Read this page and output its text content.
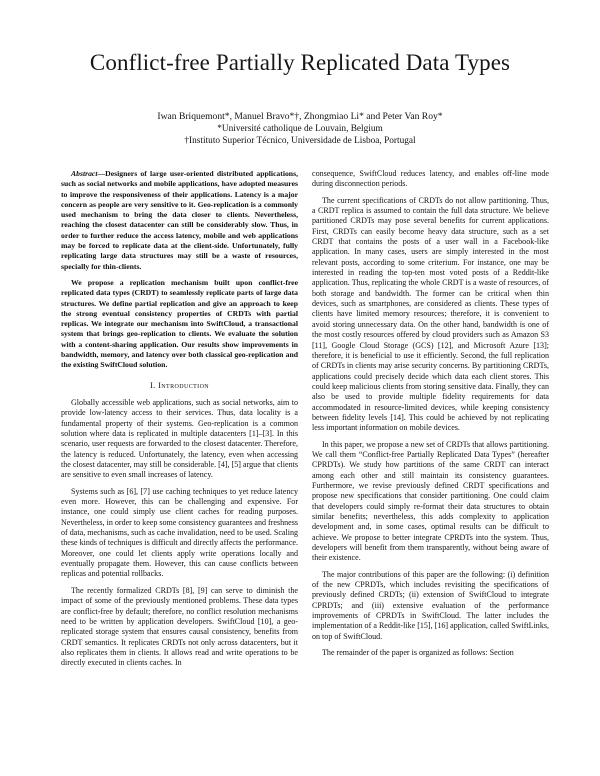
Conflict-free Partially Replicated Data Types
Iwan Briquemont*, Manuel Bravo*†, Zhongmiao Li* and Peter Van Roy*
*Université catholique de Louvain, Belgium
†Instituto Superior Técnico, Universidade de Lisboa, Portugal

Abstract—Designers of large user-oriented distributed applications, such as social networks and mobile applications, have adopted measures to improve the responsiveness of their applications. Latency is a major concern as people are very sensitive to it. Geo-replication is a commonly used mechanism to bring the data closer to clients. Nevertheless, reaching the closest datacenter can still be considerably slow. Thus, in order to further reduce the access latency, mobile and web applications may be forced to replicate data at the client-side. Unfortunately, fully replicating large data structures may still be a waste of resources, specially for thin-clients.

We propose a replication mechanism built upon conflict-free replicated data types (CRDT) to seamlessly replicate parts of large data structures. We define partial replication and give an approach to keep the strong eventual consistency properties of CRDTs with partial replicas. We integrate our mechanism into SwiftCloud, a transactional system that brings geo-replication to clients. We evaluate the solution with a content-sharing application. Our results show improvements in bandwidth, memory, and latency over both classical geo-replication and the existing SwiftCloud solution.

I. Introduction

Globally accessible web applications, such as social networks, aim to provide low-latency access to their services. Thus, data locality is a fundamental property of their systems. Geo-replication is a common solution where data is replicated in multiple datacenters [1]–[3]. In this scenario, user requests are forwarded to the closest datacenter. Therefore, the latency is reduced. Unfortunately, the latency, even when accessing the closest datacenter, may still be considerable. [4], [5] argue that clients are sensitive to even small increases of latency.

Systems such as [6], [7] use caching techniques to yet reduce latency even more. However, this can be challenging and expensive. For instance, one could simply use client caches for reading purposes. Nevertheless, in order to keep some consistency guarantees and freshness of data, mechanisms, such as cache invalidation, need to be used. Scaling these kinds of techniques is difficult and directly affects the performance. Moreover, one could let clients apply write operations locally and eventually propagate them. However, this can cause conflicts between replicas and potential rollbacks.

The recently formalized CRDTs [8], [9] can serve to diminish the impact of some of the previously mentioned problems. These data types are conflict-free by default; therefore, no conflict resolution mechanisms need to be written by application developers. SwiftCloud [10], a geo-replicated storage system that ensures causal consistency, benefits from CRDT semantics. It replicates CRDTs not only across datacenters, but it also replicates them in clients. It allows read and write operations to be directly executed in clients caches. In

consequence, SwiftCloud reduces latency, and enables off-line mode during disconnection periods.

The current specifications of CRDTs do not allow partitioning. Thus, a CRDT replica is assumed to contain the full data structure. We believe partitioned CRDTs may pose several benefits for current applications. First, CRDTs can easily become heavy data structure, such as a set CRDT that contains the posts of a user wall in a Facebook-like application. In many cases, users are simply interested in the most relevant posts, according to some criterium. For instance, one may be interested in reading the top-ten most voted posts of a Reddit-like application. Thus, replicating the whole CRDT is a waste of resources, of both storage and bandwidth. The former can be critical when thin devices, such as smartphones, are considered as clients. These types of clients have limited memory resources; therefore, it is convenient to avoid storing unnecessary data. On the other hand, bandwidth is one of the most costly resources offered by cloud providers such as Amazon S3 [11], Google Cloud Storage (GCS) [12], and Microsoft Azure [13]; therefore, it is beneficial to use it efficiently. Second, the full replication of CRDTs in clients may arise security concerns. By partitioning CRDTs, applications could precisely decide which data each client stores. This could keep malicious clients from storing sensitive data. Finally, they can also be used to provide multiple fidelity requirements for data accommodated in resource-limited devices, while keeping consistency between fidelity levels [14]. This could be achieved by not replicating less important information on mobile devices.

In this paper, we propose a new set of CRDTs that allows partitioning. We call them “Conflict-free Partially Replicated Data Types” (hereafter CPRDTs). We study how partitions of the same CRDT can interact among each other and still maintain its consistency guarantees. Furthermore, we revise previously defined CRDT specifications and propose new specifications that consider partitioning. One could claim that developers could simply re-format their data structures to obtain similar benefits; nevertheless, this adds complexity to application development and, in some cases, optimal results can be difficult to achieve. We propose to better integrate CPRDTs into the system. Thus, developers will benefit from them transparently, without being aware of their existence.

The major contributions of this paper are the following: (i) definition of the new CPRDTs, which includes revisiting the specifications of previously defined CRDTs; (ii) extension of SwiftCloud to integrate CPRDTs; and (iii) extensive evaluation of the performance improvements of CPRDTs in SwiftCloud. The latter includes the implementation of a Reddit-like [15], [16] application, called SwiftLinks, on top of SwiftCloud.

The remainder of the paper is organized as follows: Section
